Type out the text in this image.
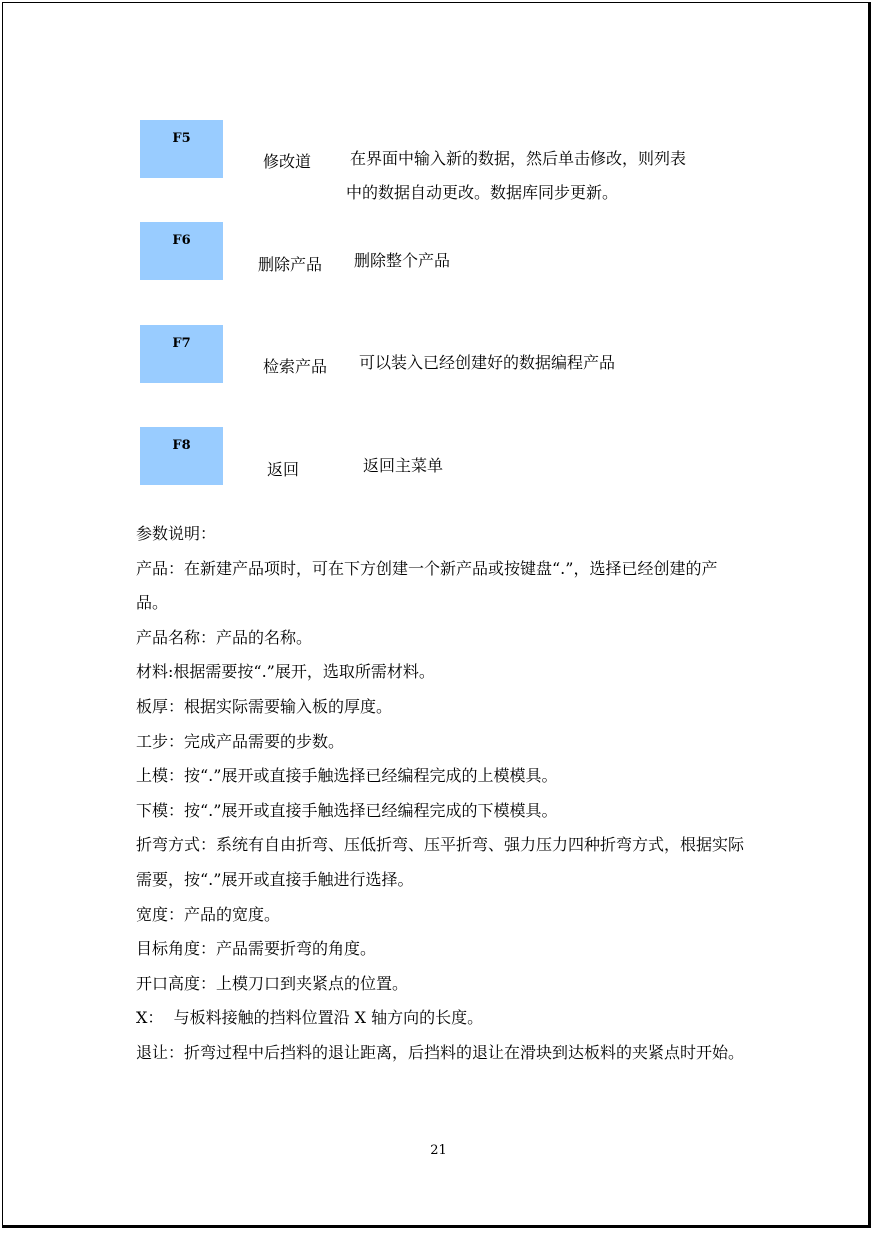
F5
修改道 在界面中输入新的数据，然后单击修改，则列表
中的数据自动更改。数据库同步更新。
F6
删除产品 删除整个产品
F7
检索产品 可以装入已经创建好的数据编程产品
F8
返回	返回主菜单

参数说明：

产品：在新建产品项时，可在下方创建一个新产品或按键盘“.”，选择已经创建的产品。

产品名称：产品的名称。

材料:根据需要按“.”展开，选取所需材料。

板厚：根据实际需要输入板的厚度。

工步：完成产品需要的步数。

上模：按“.”展开或直接手触选择已经编程完成的上模模具。

下模：按“.”展开或直接手触选择已经编程完成的下模模具。

折弯方式：系统有自由折弯、压低折弯、压平折弯、强力压力四种折弯方式，根据实际需要，按“.”展开或直接手触进行选择。

宽度：产品的宽度。

目标角度：产品需要折弯的角度。

开口高度：上模刀口到夹紧点的位置。

X：  与板料接触的挡料位置沿 X 轴方向的长度。

退让：折弯过程中后挡料的退让距离，后挡料的退让在滑块到达板料的夹紧点时开始。

21
